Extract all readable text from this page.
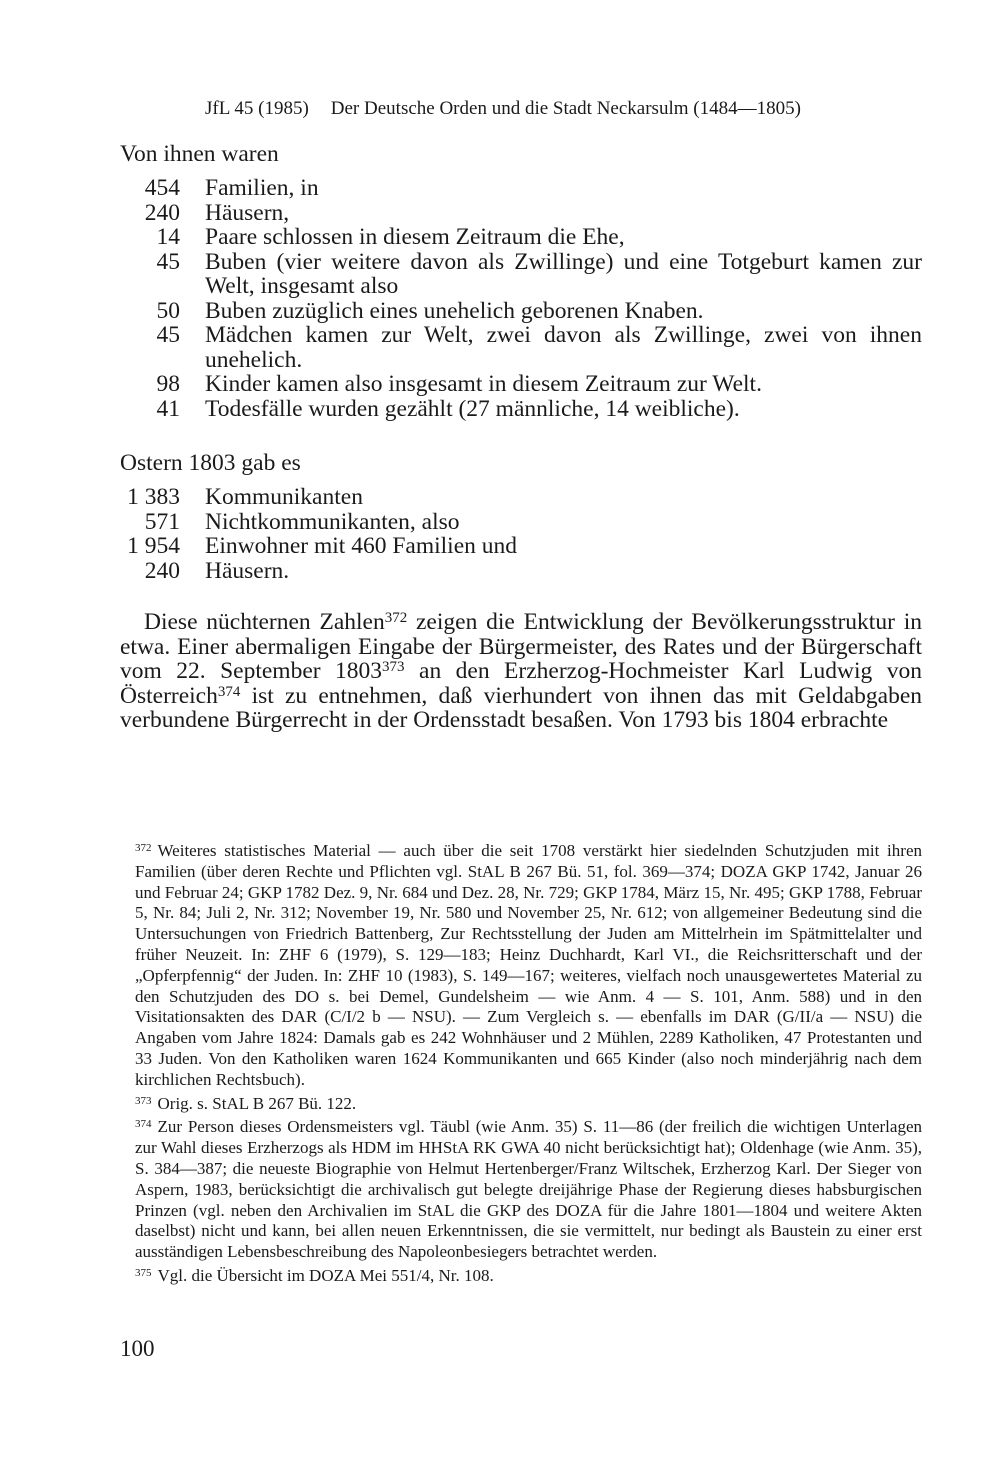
JfL 45 (1985) Der Deutsche Orden und die Stadt Neckarsulm (1484—1805)
Von ihnen waren
454 Familien, in
240 Häusern,
14 Paare schlossen in diesem Zeitraum die Ehe,
45 Buben (vier weitere davon als Zwillinge) und eine Totgeburt kamen zur Welt, insgesamt also
50 Buben zuzüglich eines unehelich geborenen Knaben.
45 Mädchen kamen zur Welt, zwei davon als Zwillinge, zwei von ihnen unehelich.
98 Kinder kamen also insgesamt in diesem Zeitraum zur Welt.
41 Todesfälle wurden gezählt (27 männliche, 14 weibliche).
Ostern 1803 gab es
1 383 Kommunikanten
571 Nichtkommunikanten, also
1 954 Einwohner mit 460 Familien und
240 Häusern.
Diese nüchternen Zahlen$^{372}$ zeigen die Entwicklung der Bevölkerungsstruktur in etwa. Einer abermaligen Eingabe der Bürgermeister, des Rates und der Bürgerschaft vom 22. September 1803$^{373}$ an den Erzherzog-Hochmeister Karl Ludwig von Österreich$^{374}$ ist zu entnehmen, daß vierhundert von ihnen das mit Geldabgaben verbundene Bürgerrecht in der Ordensstadt besaßen. Von 1793 bis 1804 erbrachte

$^{372}$ Weiteres statistisches Material — auch über die seit 1708 verstärkt hier siedelnden Schutzjuden mit ihren Familien (über deren Rechte und Pflichten vgl. StAL B 267 Bü. 51, fol. 369—374; DOZA GKP 1742, Januar 26 und Februar 24; GKP 1782 Dez. 9, Nr. 684 und Dez. 28, Nr. 729; GKP 1784, März 15, Nr. 495; GKP 1788, Februar 5, Nr. 84; Juli 2, Nr. 312; November 19, Nr. 580 und November 25, Nr. 612; von allgemeiner Bedeutung sind die Untersuchungen von Friedrich Battenberg, Zur Rechtsstellung der Juden am Mittelrhein im Spätmittelalter und früher Neuzeit. In: ZHF 6 (1979), S. 129—183; Heinz Duchhardt, Karl VI., die Reichsritterschaft und der „Opferpfennig“ der Juden. In: ZHF 10 (1983), S. 149—167; weiteres, vielfach noch unausgewertetes Material zu den Schutzjuden des DO s. bei Demel, Gundelsheim — wie Anm. 4 — S. 101, Anm. 588) und in den Visitationsakten des DAR (C/I/2 b — NSU). — Zum Vergleich s. — ebenfalls im DAR (G/II/a — NSU) die Angaben vom Jahre 1824: Damals gab es 242 Wohnhäuser und 2 Mühlen, 2289 Katholiken, 47 Protestanten und 33 Juden. Von den Katholiken waren 1624 Kommunikanten und 665 Kinder (also noch minderjährig nach dem kirchlichen Rechtsbuch).

$^{373}$ Orig. s. StAL B 267 Bü. 122.

$^{374}$ Zur Person dieses Ordensmeisters vgl. Täubl (wie Anm. 35) S. 11—86 (der freilich die wichtigen Unterlagen zur Wahl dieses Erzherzogs als HDM im HHStA RK GWA 40 nicht berücksichtigt hat); Oldenhage (wie Anm. 35), S. 384—387; die neueste Biographie von Helmut Hertenberger/Franz Wiltschek, Erzherzog Karl. Der Sieger von Aspern, 1983, berücksichtigt die archivalisch gut belegte dreijährige Phase der Regierung dieses habsburgischen Prinzen (vgl. neben den Archivalien im StAL die GKP des DOZA für die Jahre 1801—1804 und weitere Akten daselbst) nicht und kann, bei allen neuen Erkenntnissen, die sie vermittelt, nur bedingt als Baustein zu einer erst ausständigen Lebensbeschreibung des Napoleonbesiegers betrachtet werden.

$^{375}$ Vgl. die Übersicht im DOZA Mei 551/4, Nr. 108.

100
